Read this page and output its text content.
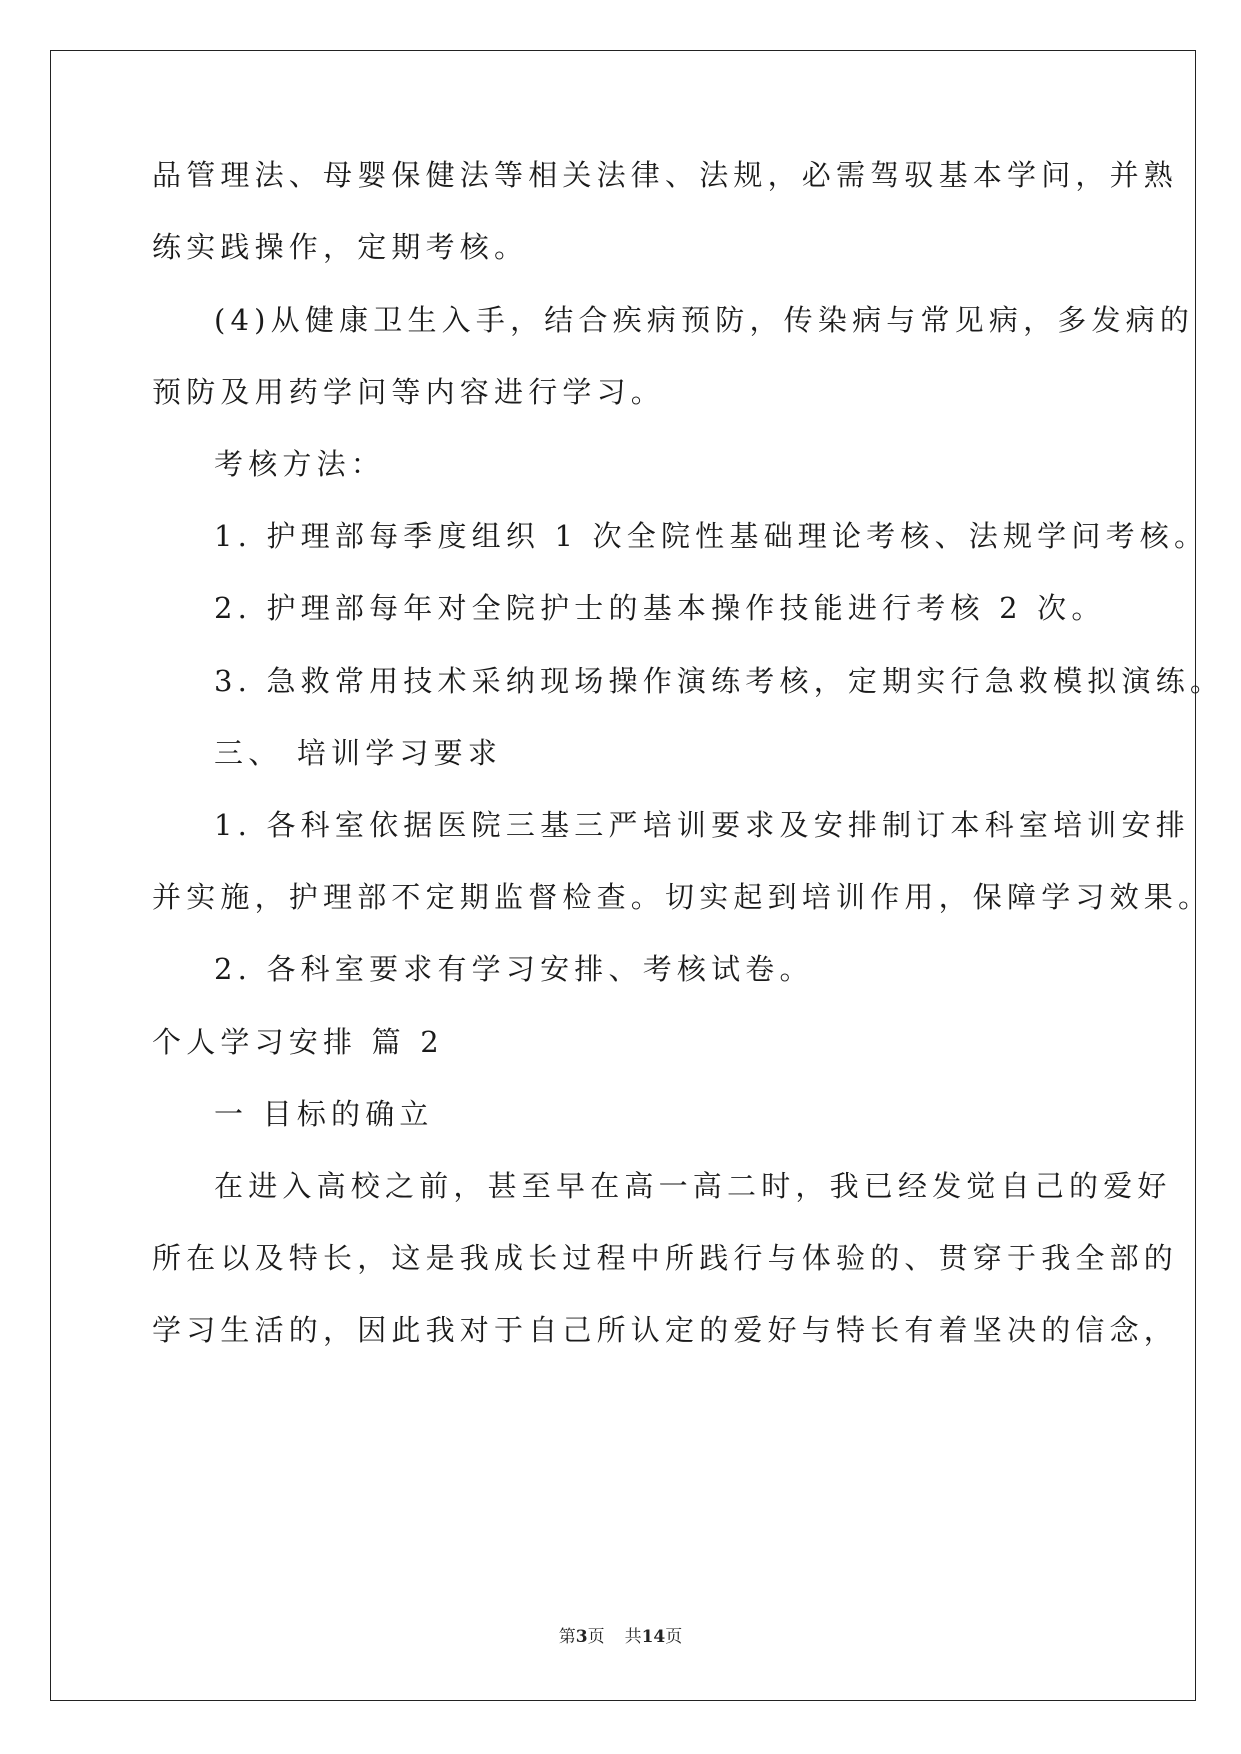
品管理法、母婴保健法等相关法律、法规，必需驾驭基本学问，并熟
练实践操作，定期考核。
(4)从健康卫生入手，结合疾病预防，传染病与常见病，多发病的
预防及用药学问等内容进行学习。
考核方法：
1. 护理部每季度组织 1 次全院性基础理论考核、法规学问考核。
2. 护理部每年对全院护士的基本操作技能进行考核 2 次。
3. 急救常用技术采纳现场操作演练考核，定期实行急救模拟演练。
三、 培训学习要求
1. 各科室依据医院三基三严培训要求及安排制订本科室培训安排
并实施，护理部不定期监督检查。切实起到培训作用，保障学习效果。
2. 各科室要求有学习安排、考核试卷。
个人学习安排 篇 2
一 目标的确立
在进入高校之前，甚至早在高一高二时，我已经发觉自己的爱好
所在以及特长，这是我成长过程中所践行与体验的、贯穿于我全部的
学习生活的，因此我对于自己所认定的爱好与特长有着坚决的信念，
第3页 共14页
